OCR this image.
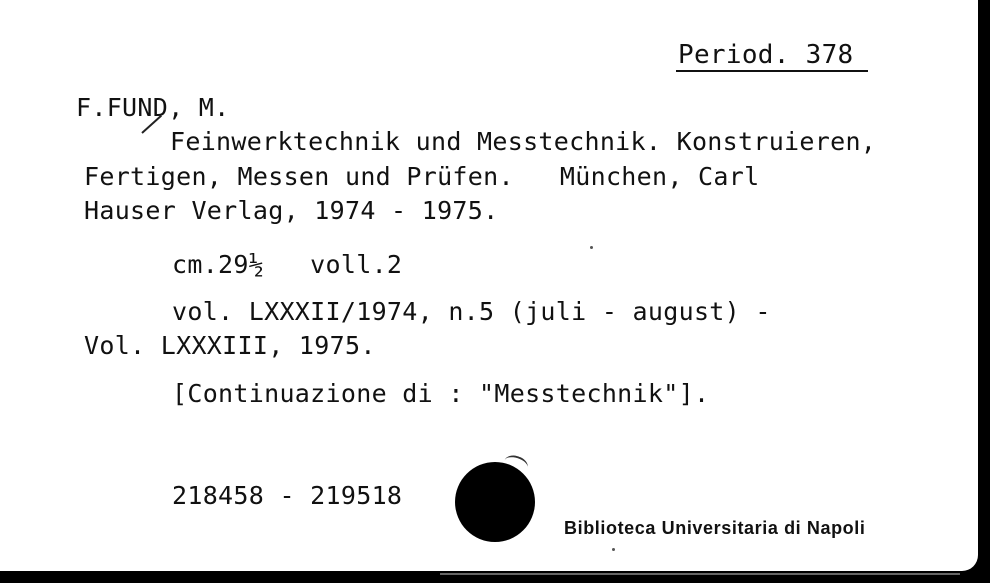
Period. 378
F.FUND, M.
Feinwerktechnik und Messtechnik. Konstruieren,
Fertigen, Messen und Prüfen.   München, Carl
Hauser Verlag, 1974 - 1975.
cm.29½   voll.2
vol. LXXXII/1974, n.5 (juli - august) -
Vol. LXXXIII, 1975.
[Continuazione di : "Messtechnik"].
218458 - 219518
Biblioteca Universitaria di Napoli
